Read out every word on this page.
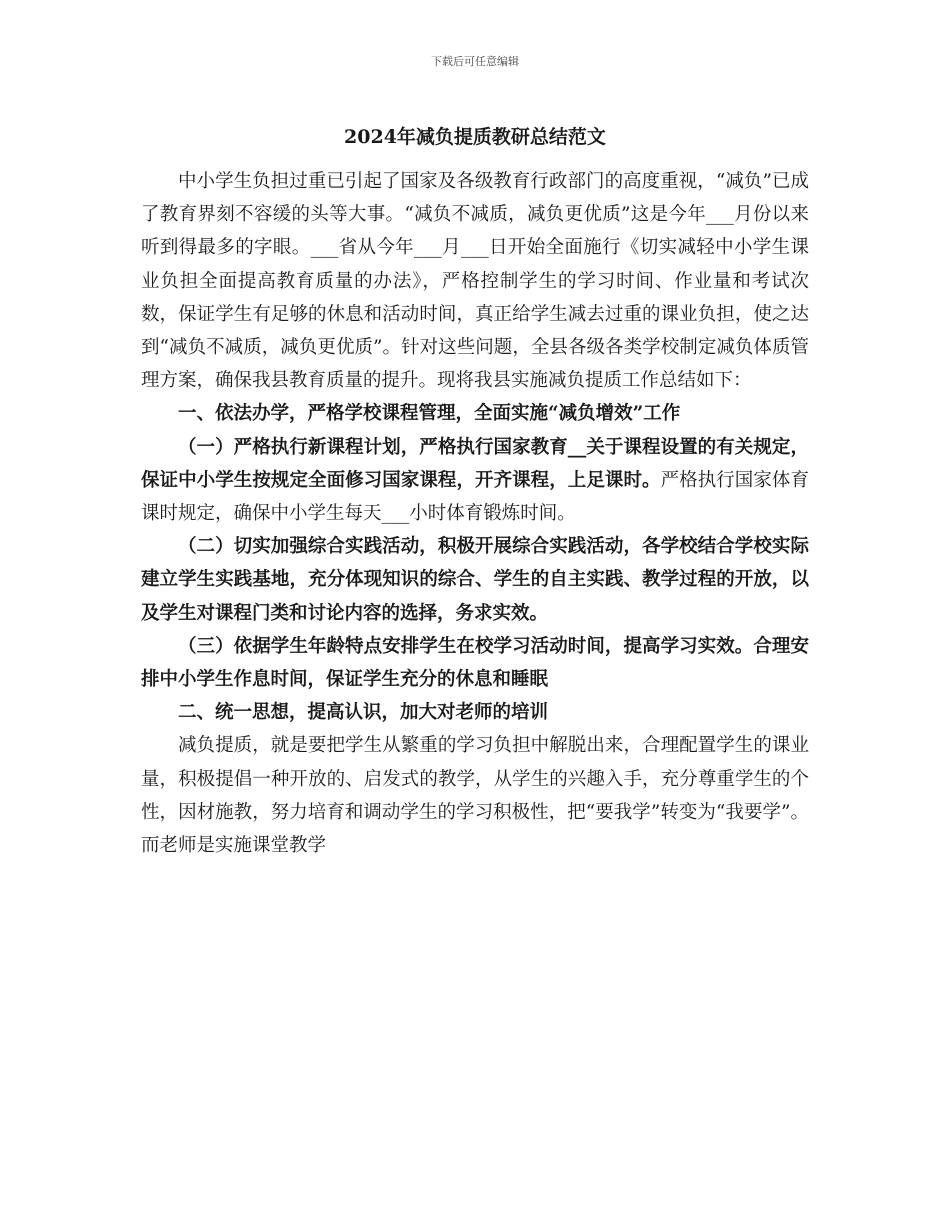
下载后可任意编辑
2024年减负提质教研总结范文

中小学生负担过重已引起了国家及各级教育行政部门的高度重视，“减负”已成了教育界刻不容缓的头等大事。“减负不减质，减负更优质”这是今年___月份以来听到得最多的字眼。___省从今年___月___日开始全面施行《切实减轻中小学生课业负担全面提高教育质量的办法》，严格控制学生的学习时间、作业量和考试次数，保证学生有足够的休息和活动时间，真正给学生减去过重的课业负担，使之达到“减负不减质，减负更优质”。针对这些问题，全县各级各类学校制定减负体质管理方案，确保我县教育质量的提升。现将我县实施减负提质工作总结如下：

一、依法办学，严格学校课程管理，全面实施“减负增效”工作

（一）严格执行新课程计划，严格执行国家教育__关于课程设置的有关规定，保证中小学生按规定全面修习国家课程，开齐课程，上足课时。严格执行国家体育课时规定，确保中小学生每天___小时体育锻炼时间。

（二）切实加强综合实践活动，积极开展综合实践活动，各学校结合学校实际建立学生实践基地，充分体现知识的综合、学生的自主实践、教学过程的开放，以及学生对课程门类和讨论内容的选择，务求实效。

（三）依据学生年龄特点安排学生在校学习活动时间，提高学习实效。合理安排中小学生作息时间，保证学生充分的休息和睡眠

二、统一思想，提高认识，加大对老师的培训

减负提质，就是要把学生从繁重的学习负担中解脱出来，合理配置学生的课业量，积极提倡一种开放的、启发式的教学，从学生的兴趣入手，充分尊重学生的个性，因材施教，努力培育和调动学生的学习积极性，把“要我学”转变为“我要学”。而老师是实施课堂教学
